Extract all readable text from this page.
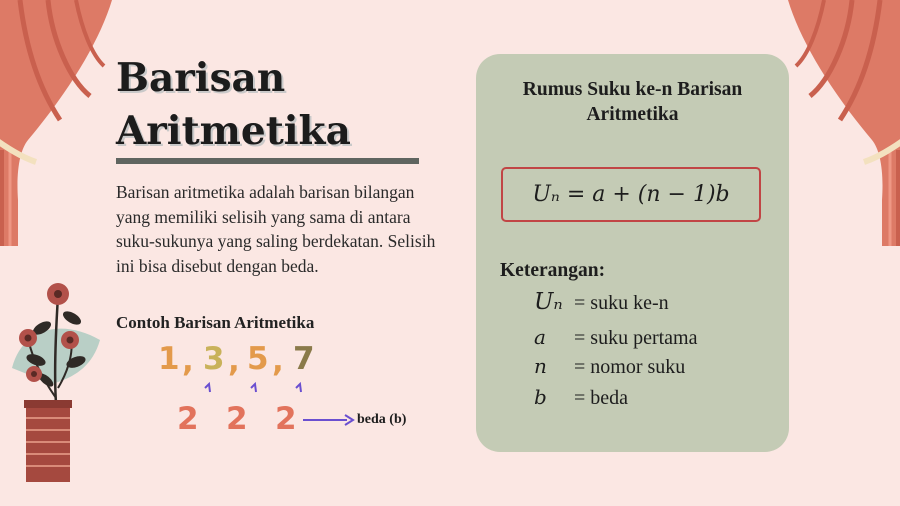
Barisan
Aritmetika
Barisan aritmetika adalah barisan bilangan yang memiliki selisih yang sama di antara suku-sukunya yang saling berdekatan. Selisih ini bisa disebut dengan beda.
Contoh Barisan Aritmetika
1 , 3 , 5 , 7
2 2 2	beda (b)
Rumus Suku ke-n Barisan Aritmetika
Uₙ = a + (n − 1)b
Keterangan:
Uₙ = suku ke-n
a	= suku pertama
n	= nomor suku
b	= beda
